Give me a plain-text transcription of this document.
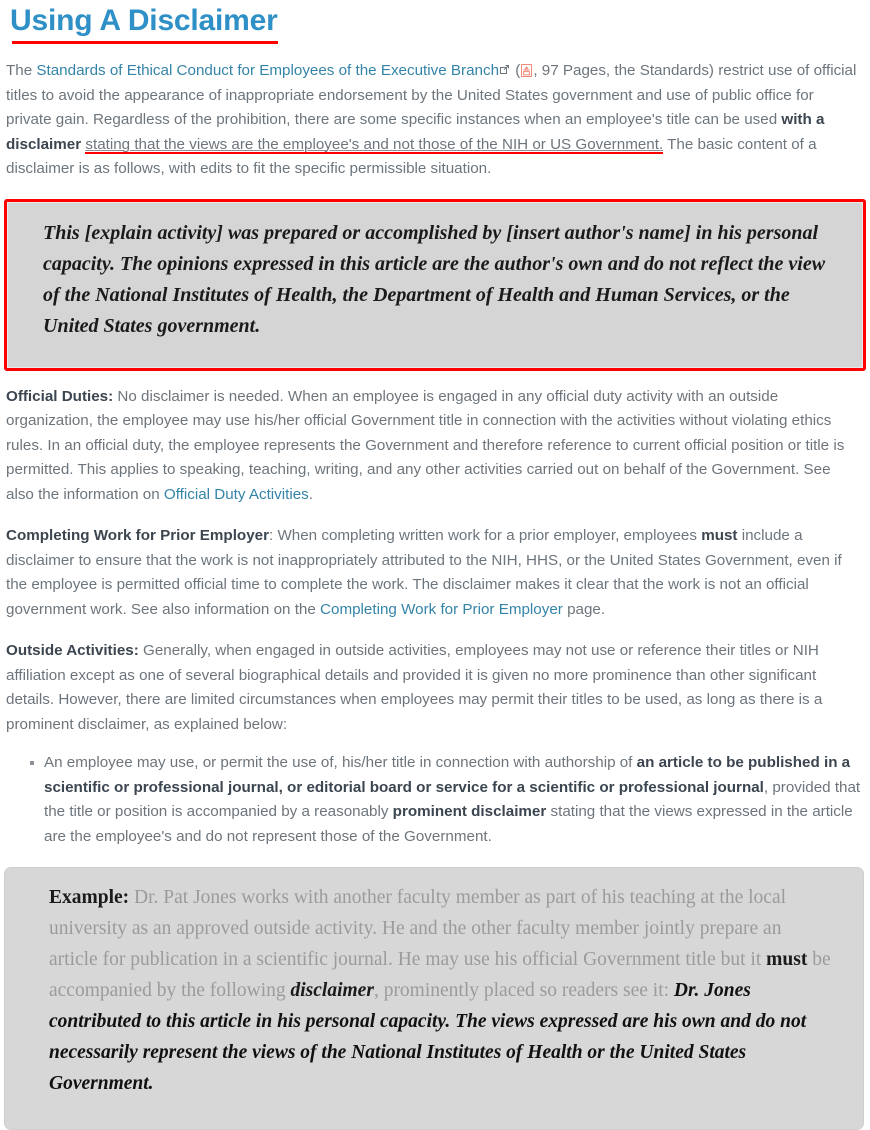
Using A Disclaimer

The Standards of Ethical Conduct for Employees of the Executive Branch ( , 97 Pages, the Standards) restrict use of official titles to avoid the appearance of inappropriate endorsement by the United States government and use of public office for private gain. Regardless of the prohibition, there are some specific instances when an employee's title can be used with a disclaimer stating that the views are the employee's and not those of the NIH or US Government. The basic content of a disclaimer is as follows, with edits to fit the specific permissible situation.

This [explain activity] was prepared or accomplished by [insert author's name] in his personal capacity. The opinions expressed in this article are the author's own and do not reflect the view of the National Institutes of Health, the Department of Health and Human Services, or the United States government.

Official Duties: No disclaimer is needed. When an employee is engaged in any official duty activity with an outside organization, the employee may use his/her official Government title in connection with the activities without violating ethics rules. In an official duty, the employee represents the Government and therefore reference to current official position or title is permitted. This applies to speaking, teaching, writing, and any other activities carried out on behalf of the Government. See also the information on Official Duty Activities.

Completing Work for Prior Employer: When completing written work for a prior employer, employees must include a disclaimer to ensure that the work is not inappropriately attributed to the NIH, HHS, or the United States Government, even if the employee is permitted official time to complete the work. The disclaimer makes it clear that the work is not an official government work. See also information on the Completing Work for Prior Employer page.

Outside Activities: Generally, when engaged in outside activities, employees may not use or reference their titles or NIH affiliation except as one of several biographical details and provided it is given no more prominence than other significant details. However, there are limited circumstances when employees may permit their titles to be used, as long as there is a prominent disclaimer, as explained below:

An employee may use, or permit the use of, his/her title in connection with authorship of an article to be published in a scientific or professional journal, or editorial board or service for a scientific or professional journal, provided that the title or position is accompanied by a reasonably prominent disclaimer stating that the views expressed in the article are the employee's and do not represent those of the Government.

Example: Dr. Pat Jones works with another faculty member as part of his teaching at the local university as an approved outside activity. He and the other faculty member jointly prepare an article for publication in a scientific journal. He may use his official Government title but it must be accompanied by the following disclaimer, prominently placed so readers see it: Dr. Jones contributed to this article in his personal capacity. The views expressed are his own and do not necessarily represent the views of the National Institutes of Health or the United States Government.
